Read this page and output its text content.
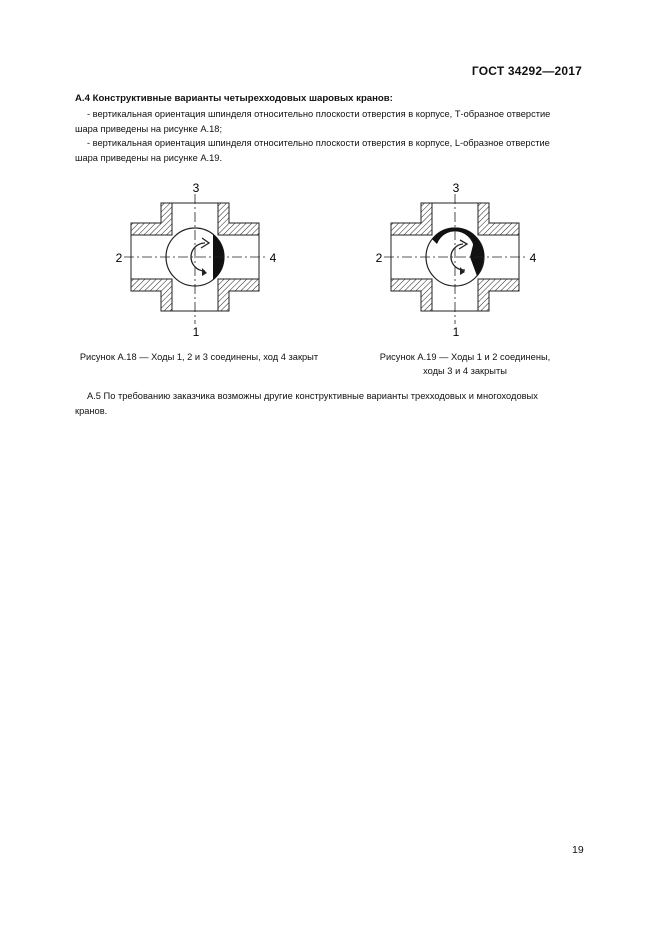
ГОСТ 34292—2017
А.4 Конструктивные варианты четырехходовых шаровых кранов:
- вертикальная ориентация шпинделя относительно плоскости отверстия в корпусе, Т-образное отверстие
шара приведены на рисунке А.18;
- вертикальная ориентация шпинделя относительно плоскости отверстия в корпусе, L-образное отверстие
шара приведены на рисунке А.19.
3
2	4
1
3
2	4
1
Рисунок А.18 — Ходы 1, 2 и 3 соединены, ход 4 закрыт	Рисунок А.19 — Ходы 1 и 2 соединены,
ходы 3 и 4 закрыты
А.5 По требованию заказчика возможны другие конструктивные варианты трехходовых и многоходовых
кранов.
19
